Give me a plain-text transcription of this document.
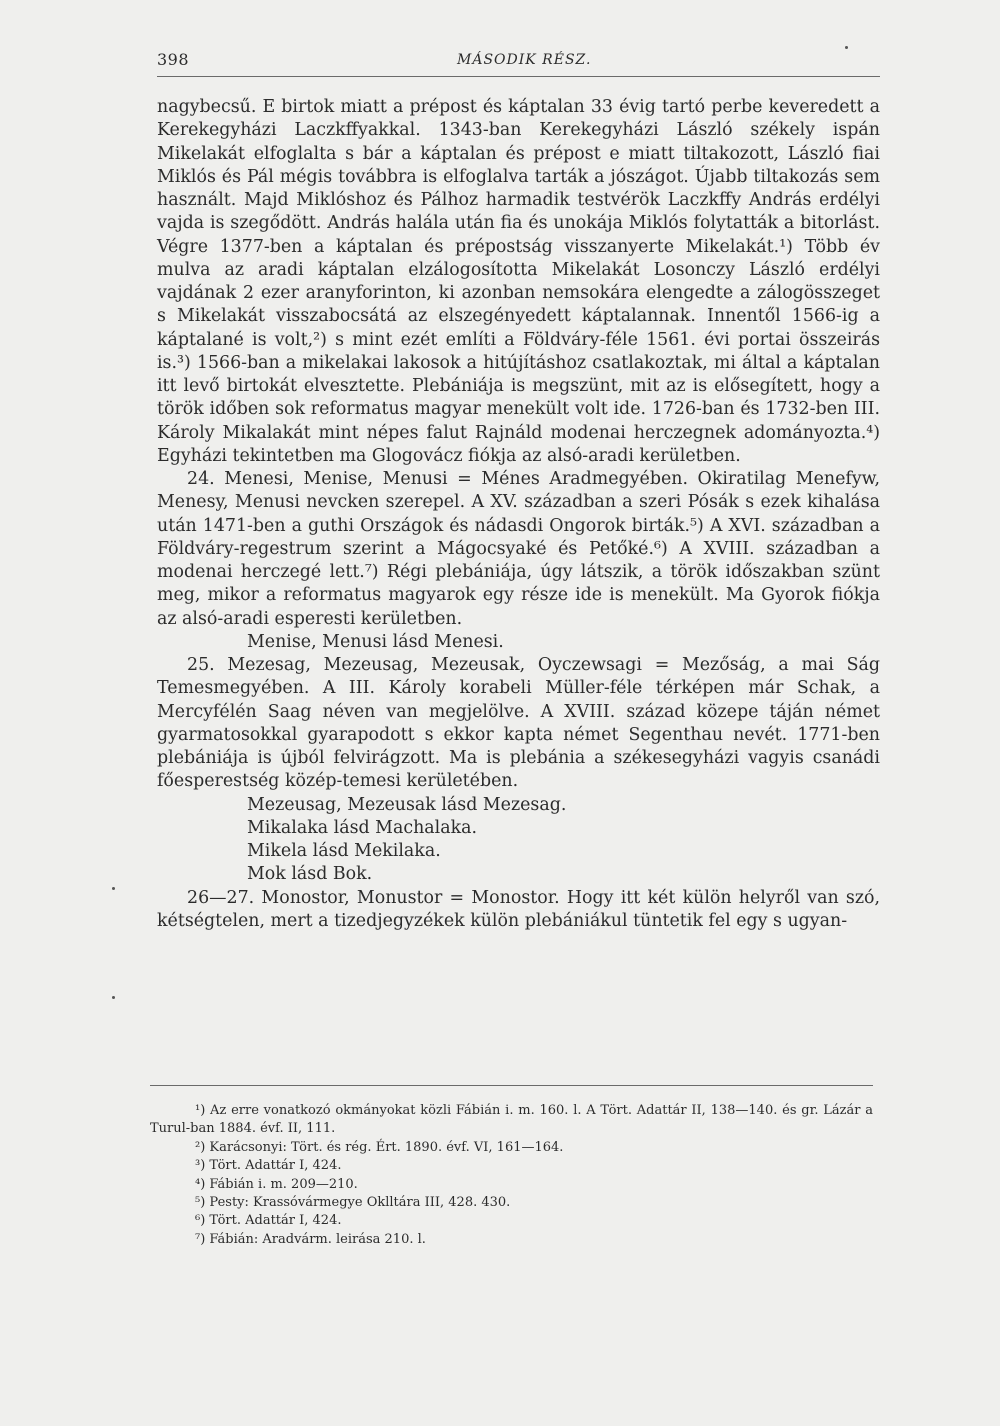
398	MÁSODIK RÉSZ.

nagybecsű. E birtok miatt a prépost és káptalan 33 évig tartó perbe keveredett a Kerekegyházi Laczkffyakkal. 1343-ban Kerekegyházi László székely ispán Mikelakát elfoglalta s bár a káptalan és prépost e miatt tiltakozott, László fiai Miklós és Pál mégis továbbra is elfoglalva tarták a jószágot. Újabb tiltakozás sem használt. Majd Miklóshoz és Pálhoz harmadik testvérök Laczkffy András erdélyi vajda is szegődött. András halála után fia és unokája Miklós folytatták a bitorlást. Végre 1377-ben a káptalan és prépostság visszanyerte Mikelakát.¹) Több év mulva az aradi káptalan elzálogosította Mikelakát Losonczy László erdélyi vajdának 2 ezer aranyforinton, ki azonban nemsokára elengedte a zálogösszeget s Mikelakát visszabocsátá az elszegényedett káptalannak. Innentől 1566-ig a káptalané is volt,²) s mint ezét említi a Földváry-féle 1561. évi portai összeirás is.³) 1566-ban a mikelakai lakosok a hitújításhoz csatlakoztak, mi által a káptalan itt levő birtokát elvesztette. Plebániája is megszünt, mit az is elősegített, hogy a török időben sok reformatus magyar menekült volt ide. 1726-ban és 1732-ben III. Károly Mikalakát mint népes falut Rajnáld modenai herczegnek adományozta.⁴) Egyházi tekintetben ma Glogovácz fiókja az alsó-aradi kerületben.

24. Menesi, Menise, Menusi = Ménes Aradmegyében. Okiratilag Menefyw, Menesy, Menusi nevcken szerepel. A XV. században a szeri Pósák s ezek kihalása után 1471-ben a guthi Országok és nádasdi Ongorok birták.⁵) A XVI. században a Földváry-regestrum szerint a Mágocsyaké és Petőké.⁶) A XVIII. században a modenai herczegé lett.⁷) Régi plebániája, úgy látszik, a török időszakban szünt meg, mikor a reformatus magyarok egy része ide is menekült. Ma Gyorok fiókja az alsó-aradi esperesti kerületben.

Menise, Menusi lásd Menesi.

25. Mezesag, Mezeusag, Mezeusak, Oyczewsagi = Mezőság, a mai Ság Temesmegyében. A III. Károly korabeli Müller-féle térképen már Schak, a Mercyfélén Saag néven van megjelölve. A XVIII. század közepe táján német gyarmatosokkal gyarapodott s ekkor kapta német Segenthau nevét. 1771-ben plebániája is újból felvirágzott. Ma is plebánia a székesegyházi vagyis csanádi főesperestség közép-temesi kerületében.

Mezeusag, Mezeusak lásd Mezesag.

Mikalaka lásd Machalaka.

Mikela lásd Mekilaka.

Mok lásd Bok.

26—27. Monostor, Monustor = Monostor. Hogy itt két külön helyről van szó, kétségtelen, mert a tizedjegyzékek külön plebániákul tüntetik fel egy s ugyan-

¹) Az erre vonatkozó okmányokat közli Fábián i. m. 160. l. A Tört. Adattár II, 138—140. és gr. Lázár a Turul-ban 1884. évf. II, 111.

²) Karácsonyi: Tört. és rég. Ért. 1890. évf. VI, 161—164.

³) Tört. Adattár I, 424.

⁴) Fábián i. m. 209—210.

⁵) Pesty: Krassóvármegye Oklltára III, 428. 430.

⁶) Tört. Adattár I, 424.

⁷) Fábián: Aradvárm. leirása 210. l.
